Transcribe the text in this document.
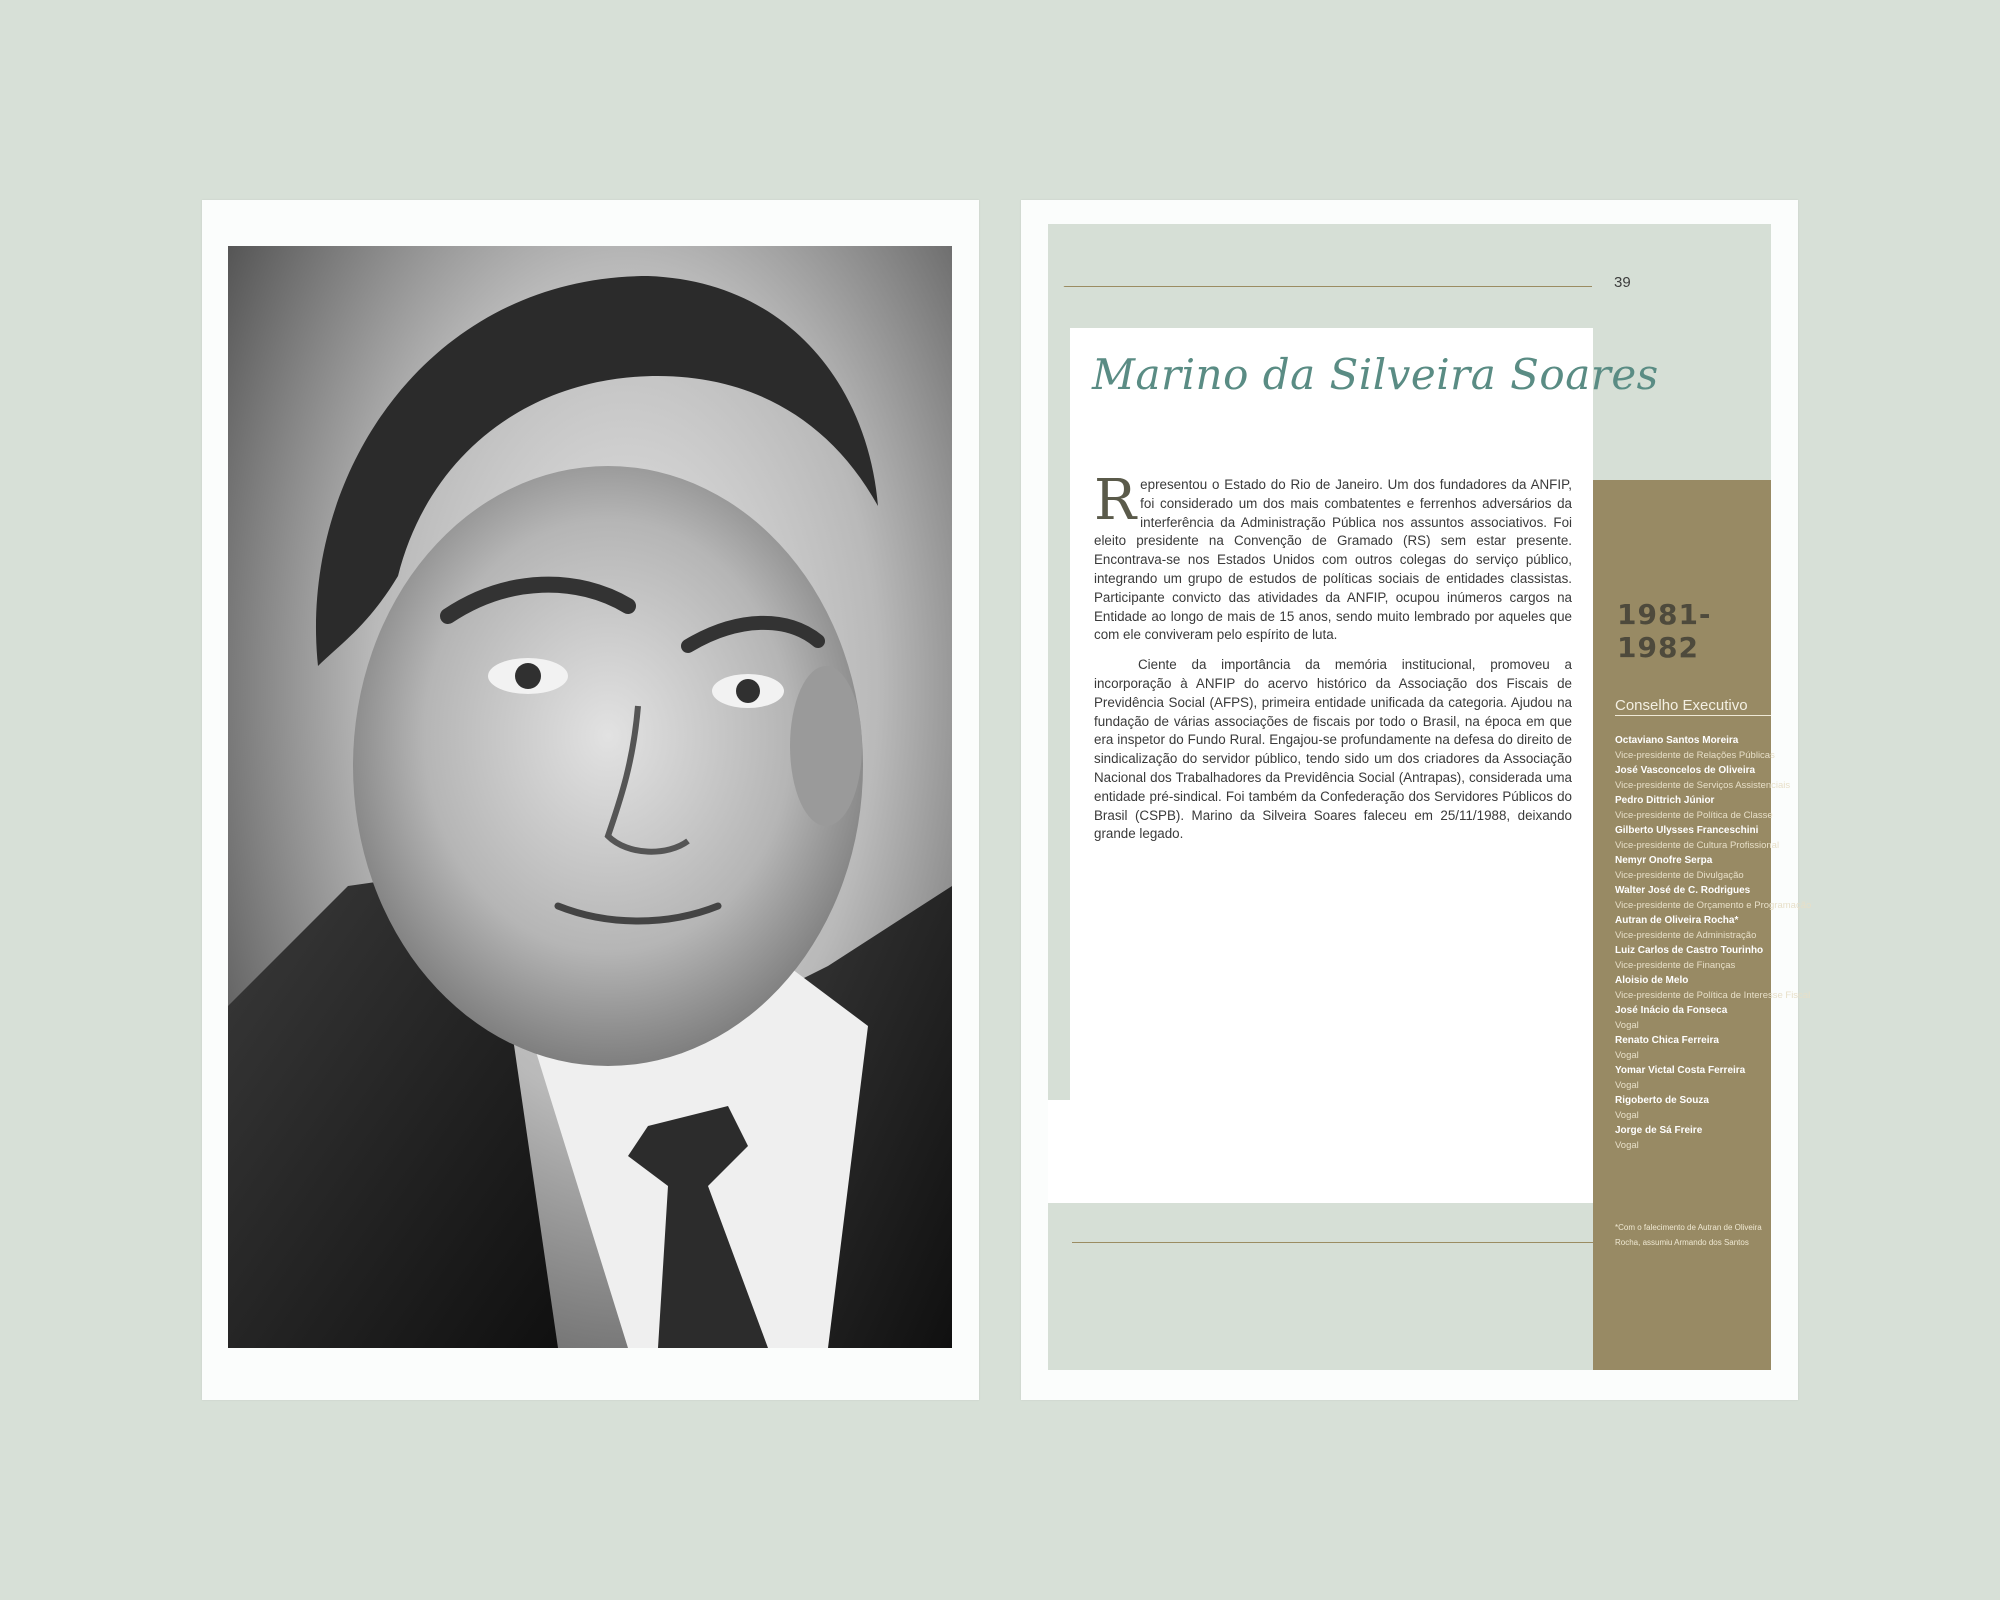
39
Marino da Silveira Soares

Representou o Estado do Rio de Janeiro. Um dos fundadores da ANFIP, foi considerado um dos mais combatentes e ferrenhos adversários da interferência da Administração Pública nos assuntos associativos. Foi eleito presidente na Convenção de Gramado (RS) sem estar presente. Encontrava-se nos Estados Unidos com outros colegas do serviço público, integrando um grupo de estudos de políticas sociais de entidades classistas. Participante convicto das atividades da ANFIP, ocupou inúmeros cargos na Entidade ao longo de mais de 15 anos, sendo muito lembrado por aqueles que com ele conviveram pelo espírito de luta.

Ciente da importância da memória institucional, promoveu a incorporação à ANFIP do acervo histórico da Associação dos Fiscais de Previdência Social (AFPS), primeira entidade unificada da categoria. Ajudou na fundação de várias associações de fiscais por todo o Brasil, na época em que era inspetor do Fundo Rural. Engajou-se profundamente na defesa do direito de sindicalização do servidor público, tendo sido um dos criadores da Associação Nacional dos Trabalhadores da Previdência Social (Antrapas), considerada uma entidade pré-sindical. Foi também da Confederação dos Servidores Públicos do Brasil (CSPB). Marino da Silveira Soares faleceu em 25/11/1988, deixando grande legado.

1981-1982
Conselho Executivo
Octaviano Santos Moreira
Vice-presidente de Relações Públicas
José Vasconcelos de Oliveira
Vice-presidente de Serviços Assistenciais
Pedro Dittrich Júnior
Vice-presidente de Política de Classe
Gilberto Ulysses Franceschini
Vice-presidente de Cultura Profissional
Nemyr Onofre Serpa
Vice-presidente de Divulgação
Walter José de C. Rodrigues
Vice-presidente de Orçamento e Programação
Autran de Oliveira Rocha*
Vice-presidente de Administração
Luiz Carlos de Castro Tourinho
Vice-presidente de Finanças
Aloisio de Melo
Vice-presidente de Política de Interesse Fiscal
José Inácio da Fonseca
Vogal
Renato Chica Ferreira
Vogal
Yomar Victal Costa Ferreira
Vogal
Rigoberto de Souza
Vogal
Jorge de Sá Freire
Vogal
*Com o falecimento de Autran de Oliveira Rocha, assumiu Armando dos Santos
